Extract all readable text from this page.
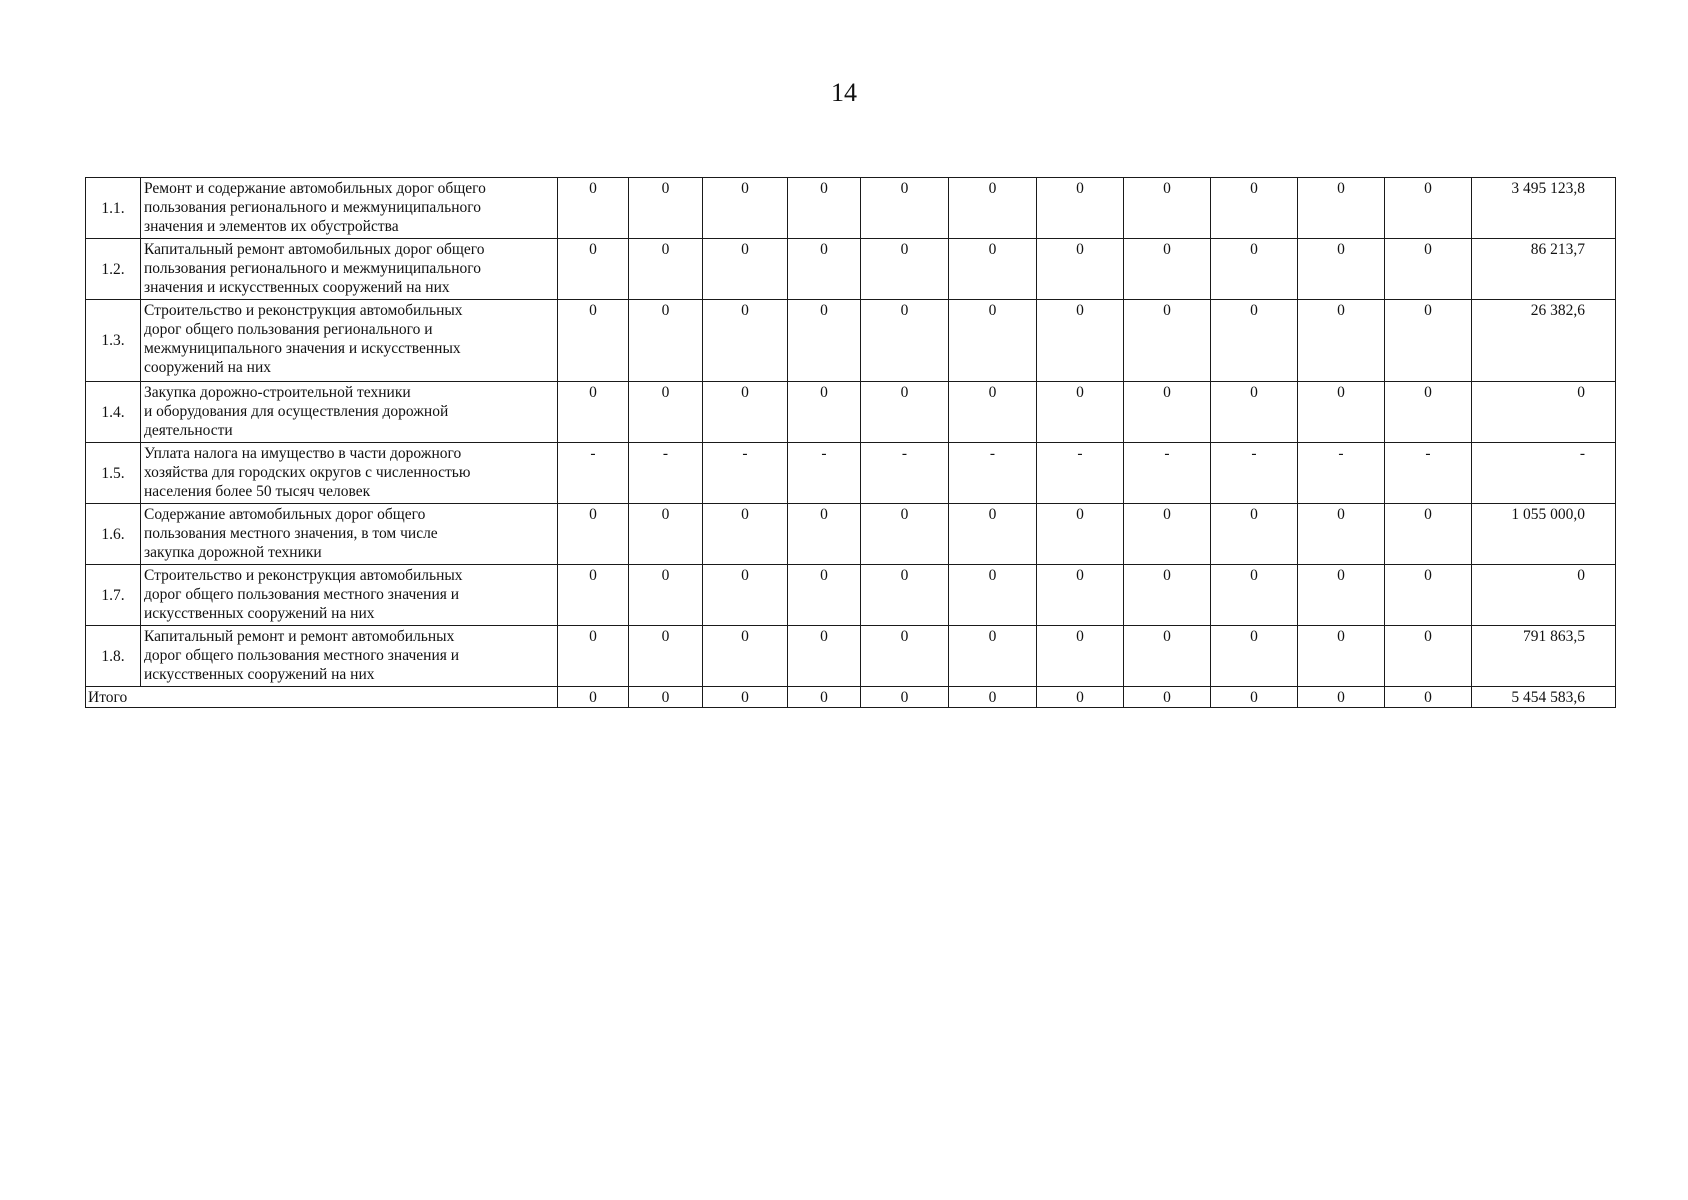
14
1.1.	Ремонт и содержание автомобильных дорог общего
пользования регионального и межмуниципального
значения и элементов их обустройства	0	0	0	0	0	0	0	0	0	0	0	3 495 123,8
1.2.	Капитальный ремонт автомобильных дорог общего
пользования регионального и межмуниципального
значения и искусственных сооружений на них	0	0	0	0	0	0	0	0	0	0	0	86 213,7
1.3.	Строительство и реконструкция автомобильных
дорог общего пользования регионального и
межмуниципального значения и искусственных
сооружений на них	0	0	0	0	0	0	0	0	0	0	0	26 382,6
1.4.	Закупка дорожно-строительной техники
и оборудования для осуществления дорожной
деятельности	0	0	0	0	0	0	0	0	0	0	0	0
1.5.	Уплата налога на имущество в части дорожного
хозяйства для городских округов с численностью
населения более 50 тысяч человек	-	-	-	-	-	-	-	-	-	-	-	-
1.6.	Содержание автомобильных дорог общего
пользования местного значения, в том числе
закупка дорожной техники	0	0	0	0	0	0	0	0	0	0	0	1 055 000,0
1.7.	Строительство и реконструкция автомобильных
дорог общего пользования местного значения и
искусственных сооружений на них	0	0	0	0	0	0	0	0	0	0	0	0
1.8.	Капитальный ремонт и ремонт автомобильных
дорог общего пользования местного значения и
искусственных сооружений на них	0	0	0	0	0	0	0	0	0	0	0	791 863,5
Итого		0	0	0	0	0	0	0	0	0	0	0	5 454 583,6
